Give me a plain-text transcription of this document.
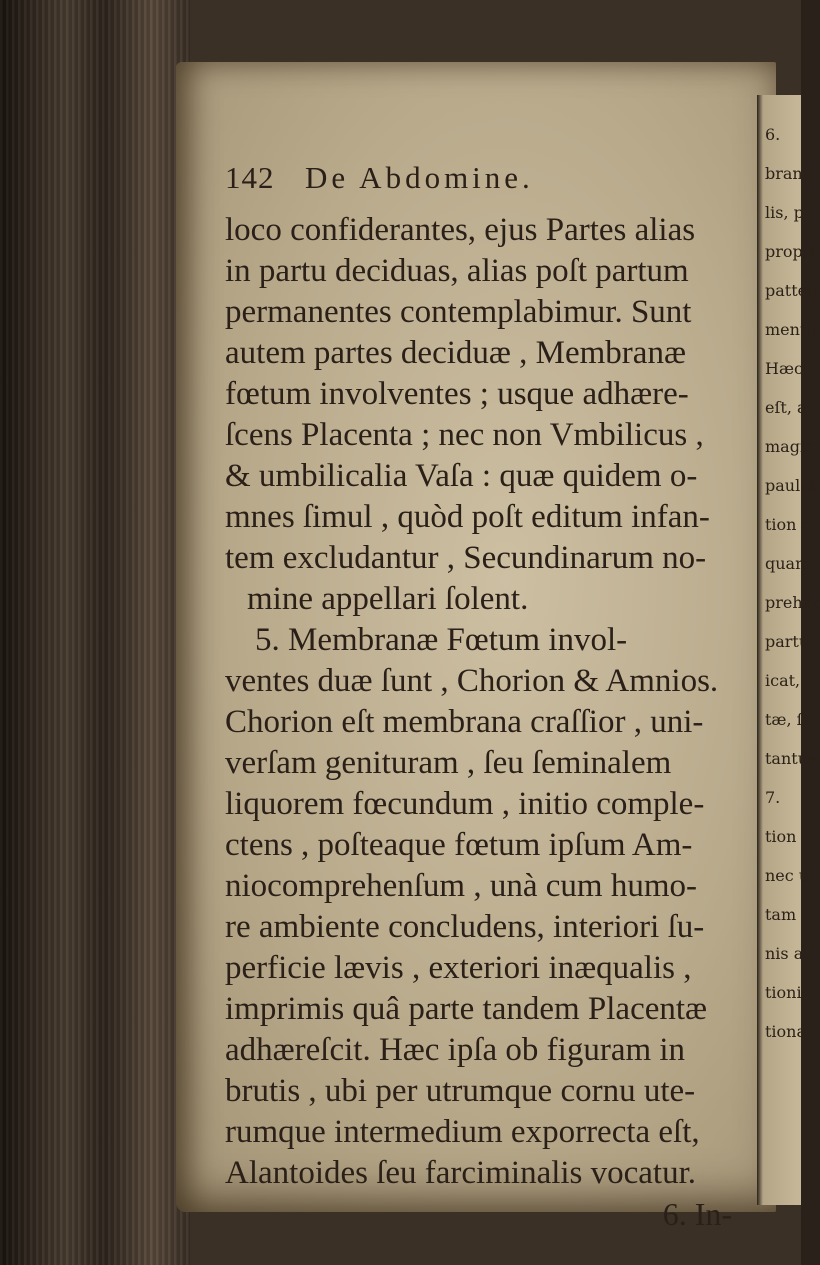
6.
brana
lis, p
propri
patten
mentu
Hæc
eſt, a
magis
paulat
tion c
quam
preher
partu
icat,
tæ, ſe
tantur
7.
tion
nec u
tam
nis a
tioni
tiona
142 De Abdomine.
loco confiderantes, ejus Partes alias
in partu deciduas, alias poſt partum
permanentes contemplabimur. Sunt
autem partes deciduæ , Membranæ
fœtum involventes ; usque adhære-
ſcens Placenta ; nec non Vmbilicus ,
& umbilicalia Vaſa : quæ quidem o-
mnes ſimul , quòd poſt editum infan-
tem excludantur , Secundinarum no-
mine appellari ſolent.
5. Membranæ Fœtum invol-
ventes duæ ſunt , Chorion & Amnios.
Chorion eſt membrana craſſior , uni-
verſam genituram , ſeu ſeminalem
liquorem fœcundum , initio comple-
ctens , poſteaque fœtum ipſum Am-
niocomprehenſum , unà cum humo-
re ambiente concludens, interiori ſu-
perficie lævis , exteriori inæqualis ,
imprimis quâ parte tandem Placentæ
adhæreſcit. Hæc ipſa ob figuram in
brutis , ubi per utrumque cornu ute-
rumque intermedium exporrecta eſt,
Alantoides ſeu farciminalis vocatur.
6. In-
